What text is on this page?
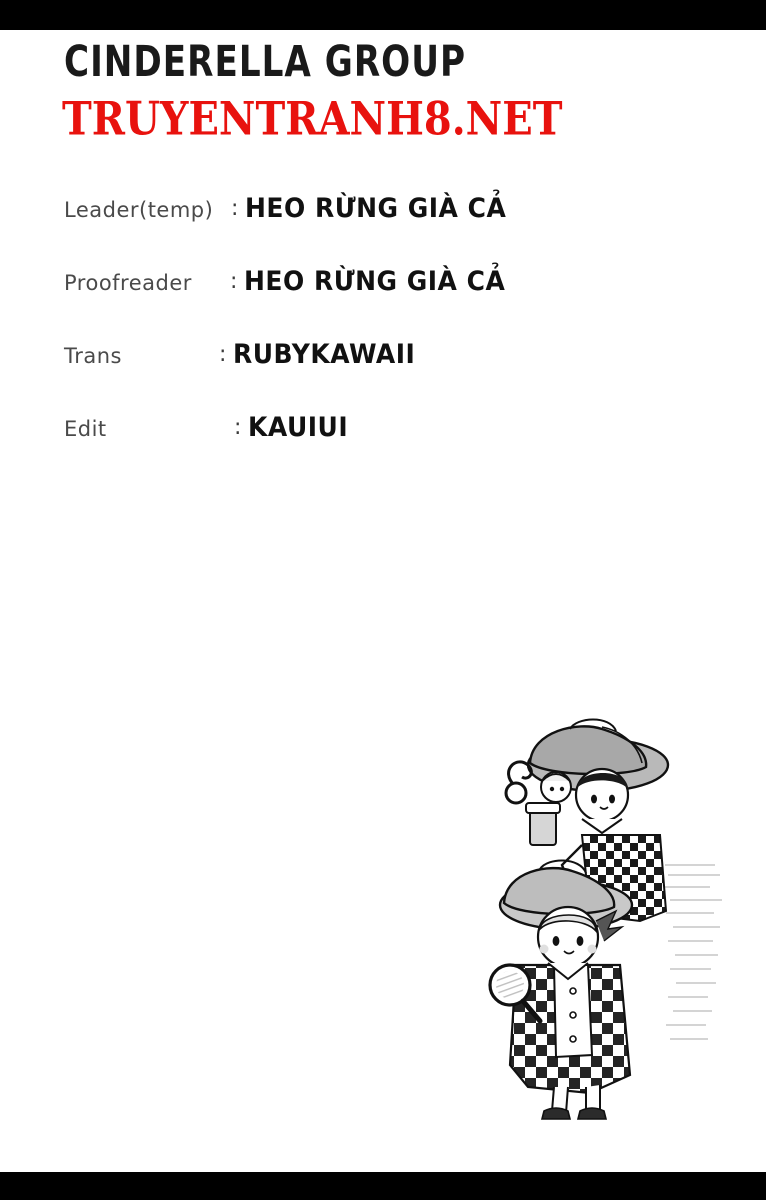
CINDERELLA GROUP
TRUYENTRANH8.NET
Leader(temp) : HEO RỪNG GIÀ CẢ
Proofreader : HEO RỪNG GIÀ CẢ
Trans	: RUBYKAWAII
Edit	: KAUIUI
